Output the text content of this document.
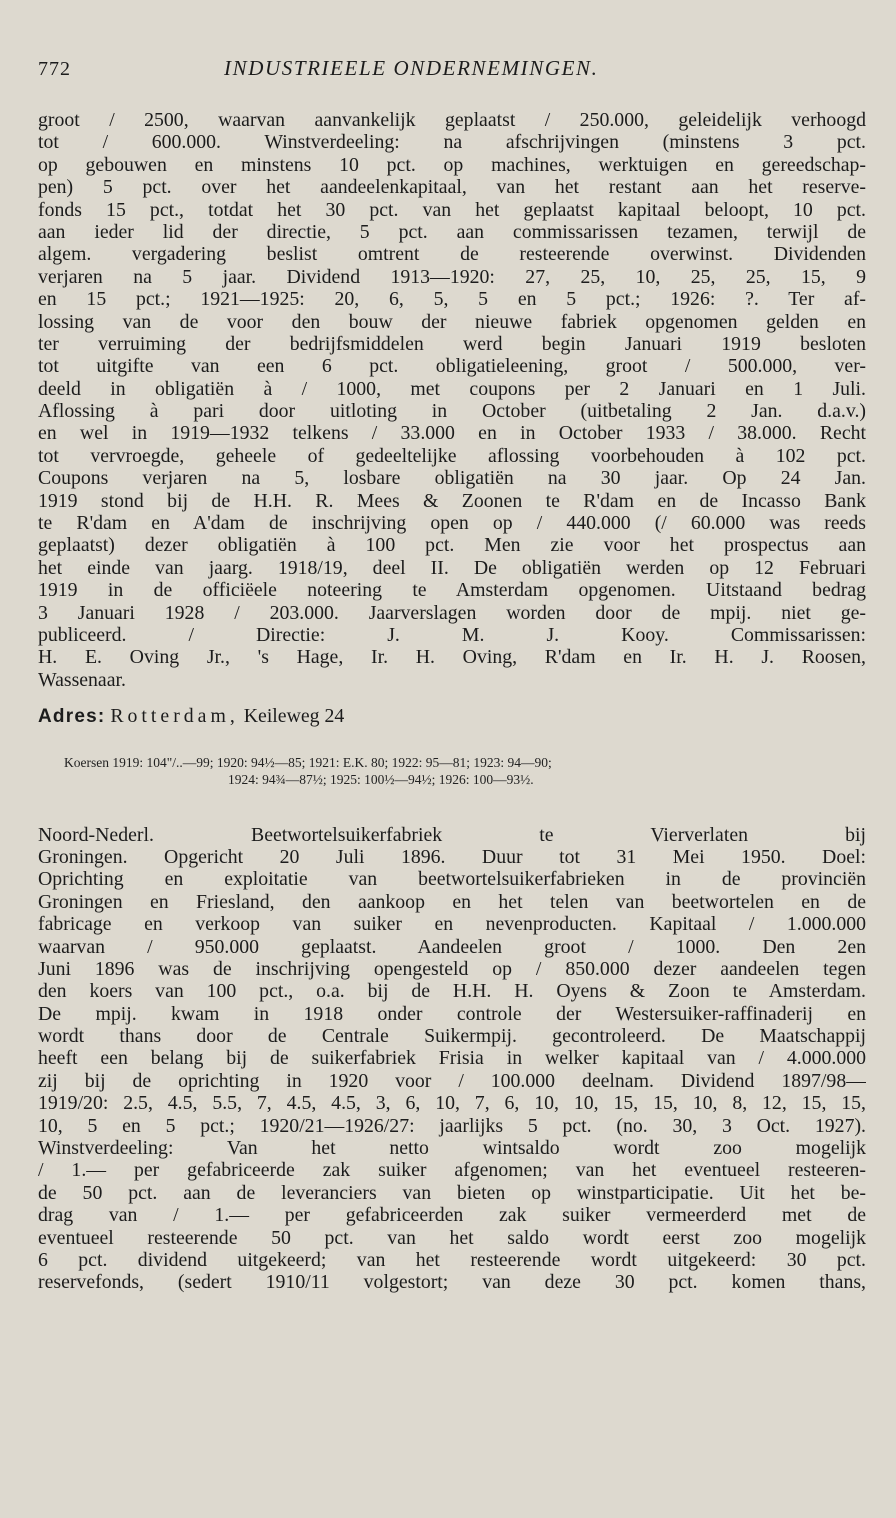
772	INDUSTRIEELE ONDERNEMINGEN.
groot / 2500, waarvan aanvankelijk geplaatst / 250.000, geleidelijk verhoogd
tot / 600.000. Winstverdeeling: na afschrijvingen (minstens 3 pct.
op gebouwen en minstens 10 pct. op machines, werktuigen en gereedschap-
pen) 5 pct. over het aandeelenkapitaal, van het restant aan het reserve-
fonds 15 pct., totdat het 30 pct. van het geplaatst kapitaal beloopt, 10 pct.
aan ieder lid der directie, 5 pct. aan commissarissen tezamen, terwijl de
algem. vergadering beslist omtrent de resteerende overwinst. Dividenden
verjaren na 5 jaar. Dividend 1913—1920: 27, 25, 10, 25, 25, 15, 9
en 15 pct.; 1921—1925: 20, 6, 5, 5 en 5 pct.; 1926: ?. Ter af-
lossing van de voor den bouw der nieuwe fabriek opgenomen gelden en
ter verruiming der bedrijfsmiddelen werd begin Januari 1919 besloten
tot uitgifte van een 6 pct. obligatieleening, groot / 500.000, ver-
deeld in obligatiën à / 1000, met coupons per 2 Januari en 1 Juli.
Aflossing à pari door uitloting in October (uitbetaling 2 Jan. d.a.v.)
en wel in 1919—1932 telkens / 33.000 en in October 1933 / 38.000. Recht
tot vervroegde, geheele of gedeeltelijke aflossing voorbehouden à 102 pct.
Coupons verjaren na 5, losbare obligatiën na 30 jaar. Op 24 Jan.
1919 stond bij de H.H. R. Mees & Zoonen te R'dam en de Incasso Bank
te R'dam en A'dam de inschrijving open op / 440.000 (/ 60.000 was reeds
geplaatst) dezer obligatiën à 100 pct. Men zie voor het prospectus aan
het einde van jaarg. 1918/19, deel II. De obligatiën werden op 12 Februari
1919 in de officiëele noteering te Amsterdam opgenomen. Uitstaand bedrag
3 Januari 1928 / 203.000. Jaarverslagen worden door de mpij. niet ge-
publiceerd. / Directie: J. M. J. Kooy. Commissarissen:
H. E. Oving Jr., 's Hage, Ir. H. Oving, R'dam en Ir. H. J. Roosen,
Wassenaar.
Adres: Rotterdam, Keileweg 24
Koersen 1919: 104"/..—99; 1920: 94½—85; 1921: E.K. 80; 1922: 95—81; 1923: 94—90;
1924: 94¾—87½; 1925: 100½—94½; 1926: 100—93½.
Noord-Nederl. Beetwortelsuikerfabriek te Vierverlaten bij
Groningen. Opgericht 20 Juli 1896. Duur tot 31 Mei 1950. Doel:
Oprichting en exploitatie van beetwortelsuikerfabrieken in de provinciën
Groningen en Friesland, den aankoop en het telen van beetwortelen en de
fabricage en verkoop van suiker en nevenproducten. Kapitaal / 1.000.000
waarvan / 950.000 geplaatst. Aandeelen groot / 1000. Den 2en
Juni 1896 was de inschrijving opengesteld op / 850.000 dezer aandeelen tegen
den koers van 100 pct., o.a. bij de H.H. H. Oyens & Zoon te Amsterdam.
De mpij. kwam in 1918 onder controle der Westersuiker-raffinaderij en
wordt thans door de Centrale Suikermpij. gecontroleerd. De Maatschappij
heeft een belang bij de suikerfabriek Frisia in welker kapitaal van / 4.000.000
zij bij de oprichting in 1920 voor / 100.000 deelnam. Dividend 1897/98—
1919/20: 2.5, 4.5, 5.5, 7, 4.5, 4.5, 3, 6, 10, 7, 6, 10, 10, 15, 15, 10, 8, 12, 15, 15,
10, 5 en 5 pct.; 1920/21—1926/27: jaarlijks 5 pct. (no. 30, 3 Oct. 1927).
Winstverdeeling: Van het netto wintsaldo wordt zoo mogelijk
/ 1.— per gefabriceerde zak suiker afgenomen; van het eventueel resteeren-
de 50 pct. aan de leveranciers van bieten op winstparticipatie. Uit het be-
drag van / 1.— per gefabriceerden zak suiker vermeerderd met de
eventueel resteerende 50 pct. van het saldo wordt eerst zoo mogelijk
6 pct. dividend uitgekeerd; van het resteerende wordt uitgekeerd: 30 pct.
reservefonds, (sedert 1910/11 volgestort; van deze 30 pct. komen thans,
